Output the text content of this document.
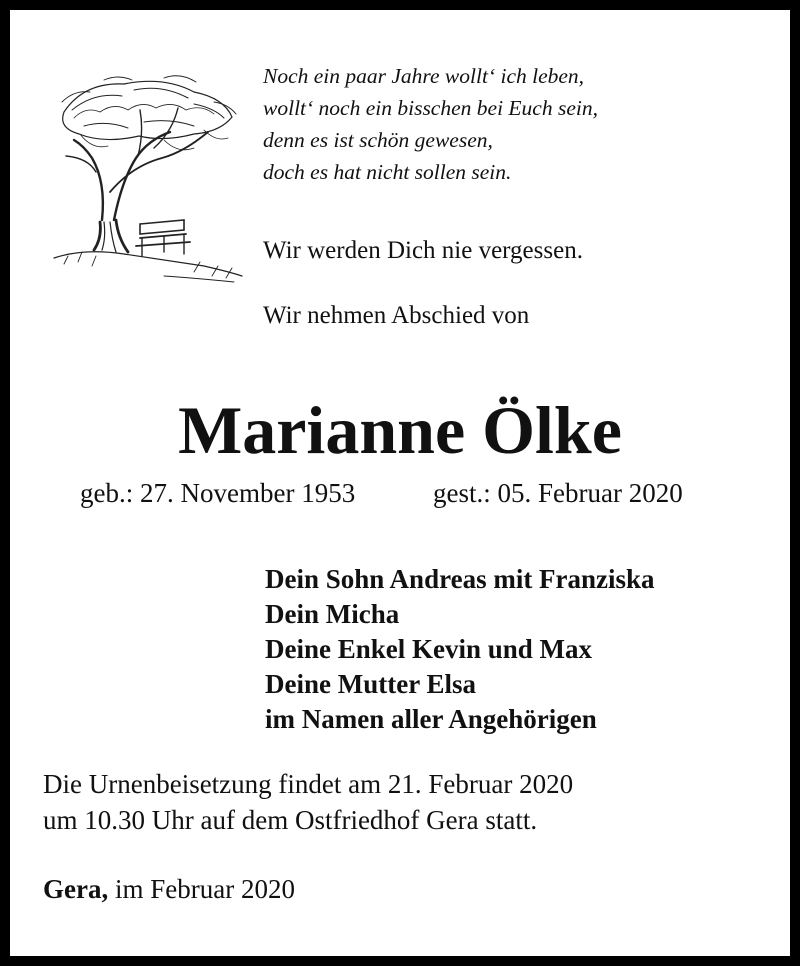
Noch ein paar Jahre wollt‘ ich leben,
wollt‘ noch ein bisschen bei Euch sein,
denn es ist schön gewesen,
doch es hat nicht sollen sein.
Wir werden Dich nie vergessen.
Wir nehmen Abschied von
Marianne Ölke
geb.: 27. November 1953	gest.: 05. Februar 2020
Dein Sohn Andreas mit Franziska
Dein Micha
Deine Enkel Kevin und Max
Deine Mutter Elsa
im Namen aller Angehörigen
Die Urnenbeisetzung findet am 21. Februar 2020
um 10.30 Uhr auf dem Ostfriedhof Gera statt.
Gera, im Februar 2020
